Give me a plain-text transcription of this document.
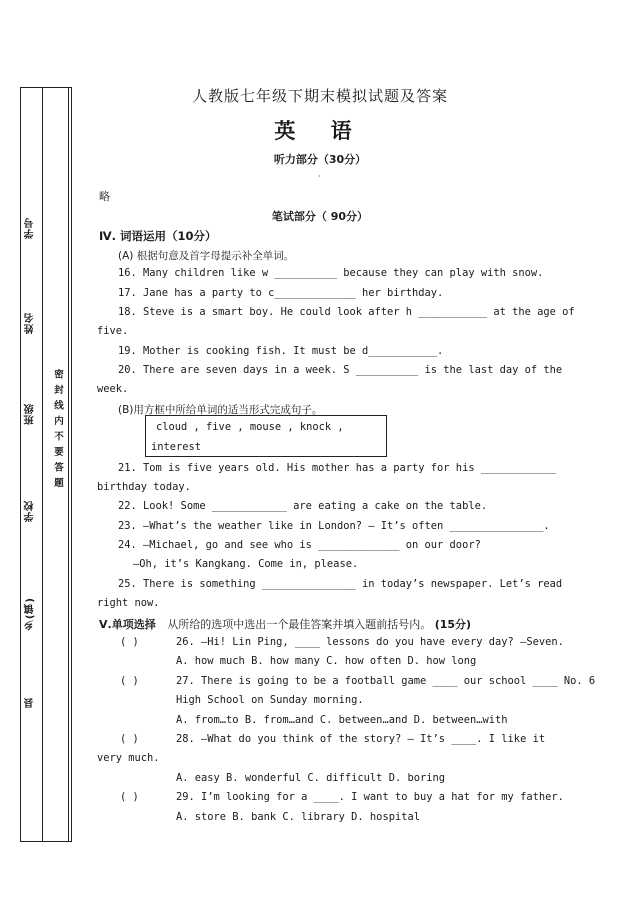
学号
姓名
班级
学校
乡(镇)
县
密封线内不要答题
人教版七年级下期末模拟试题及答案
英 语
听力部分（30分）
·
略
笔试部分（ 90分）
Ⅳ. 词语运用（10分）
(A) 根据句意及首字母提示补全单词。
16. Many children like w __________ because they can play with snow.
17. Jane has a party to c_____________ her birthday.
18. Steve is a smart boy. He could look after h ___________ at the age of
five.
19. Mother is cooking fish. It must be d___________.
20. There are seven days in a week. S __________ is the last day of the
week.
(B)用方框中所给单词的适当形式完成句子。
cloud , five , mouse , knock ,
interest
21. Tom is five years old. His mother has a party for his ____________
birthday today.
22. Look! Some ____________ are eating a cake on the table.
23. —What’s the weather like in London? — It’s often _______________.
24. —Michael, go and see who is _____________ on our door?
—Oh, it’s Kangkang. Come in, please.
25. There is something _______________ in today’s newspaper. Let’s read
right now.
Ⅴ.单项选择 从所给的选项中选出一个最佳答案并填入题前括号内。 (15分)
( )	26. —Hi! Lin Ping, ____ lessons do you have every day? —Seven.
A. how much B. how many C. how often D. how long
( )	27. There is going to be a football game ____ our school ____ No. 6
High School on Sunday morning.
A. from…to B. from…and C. between…and D. between…with
( )	28. —What do you think of the story? — It’s ____. I like it
very much.
A. easy B. wonderful C. difficult D. boring
( )	29. I’m looking for a ____. I want to buy a hat for my father.
A. store B. bank C. library D. hospital
